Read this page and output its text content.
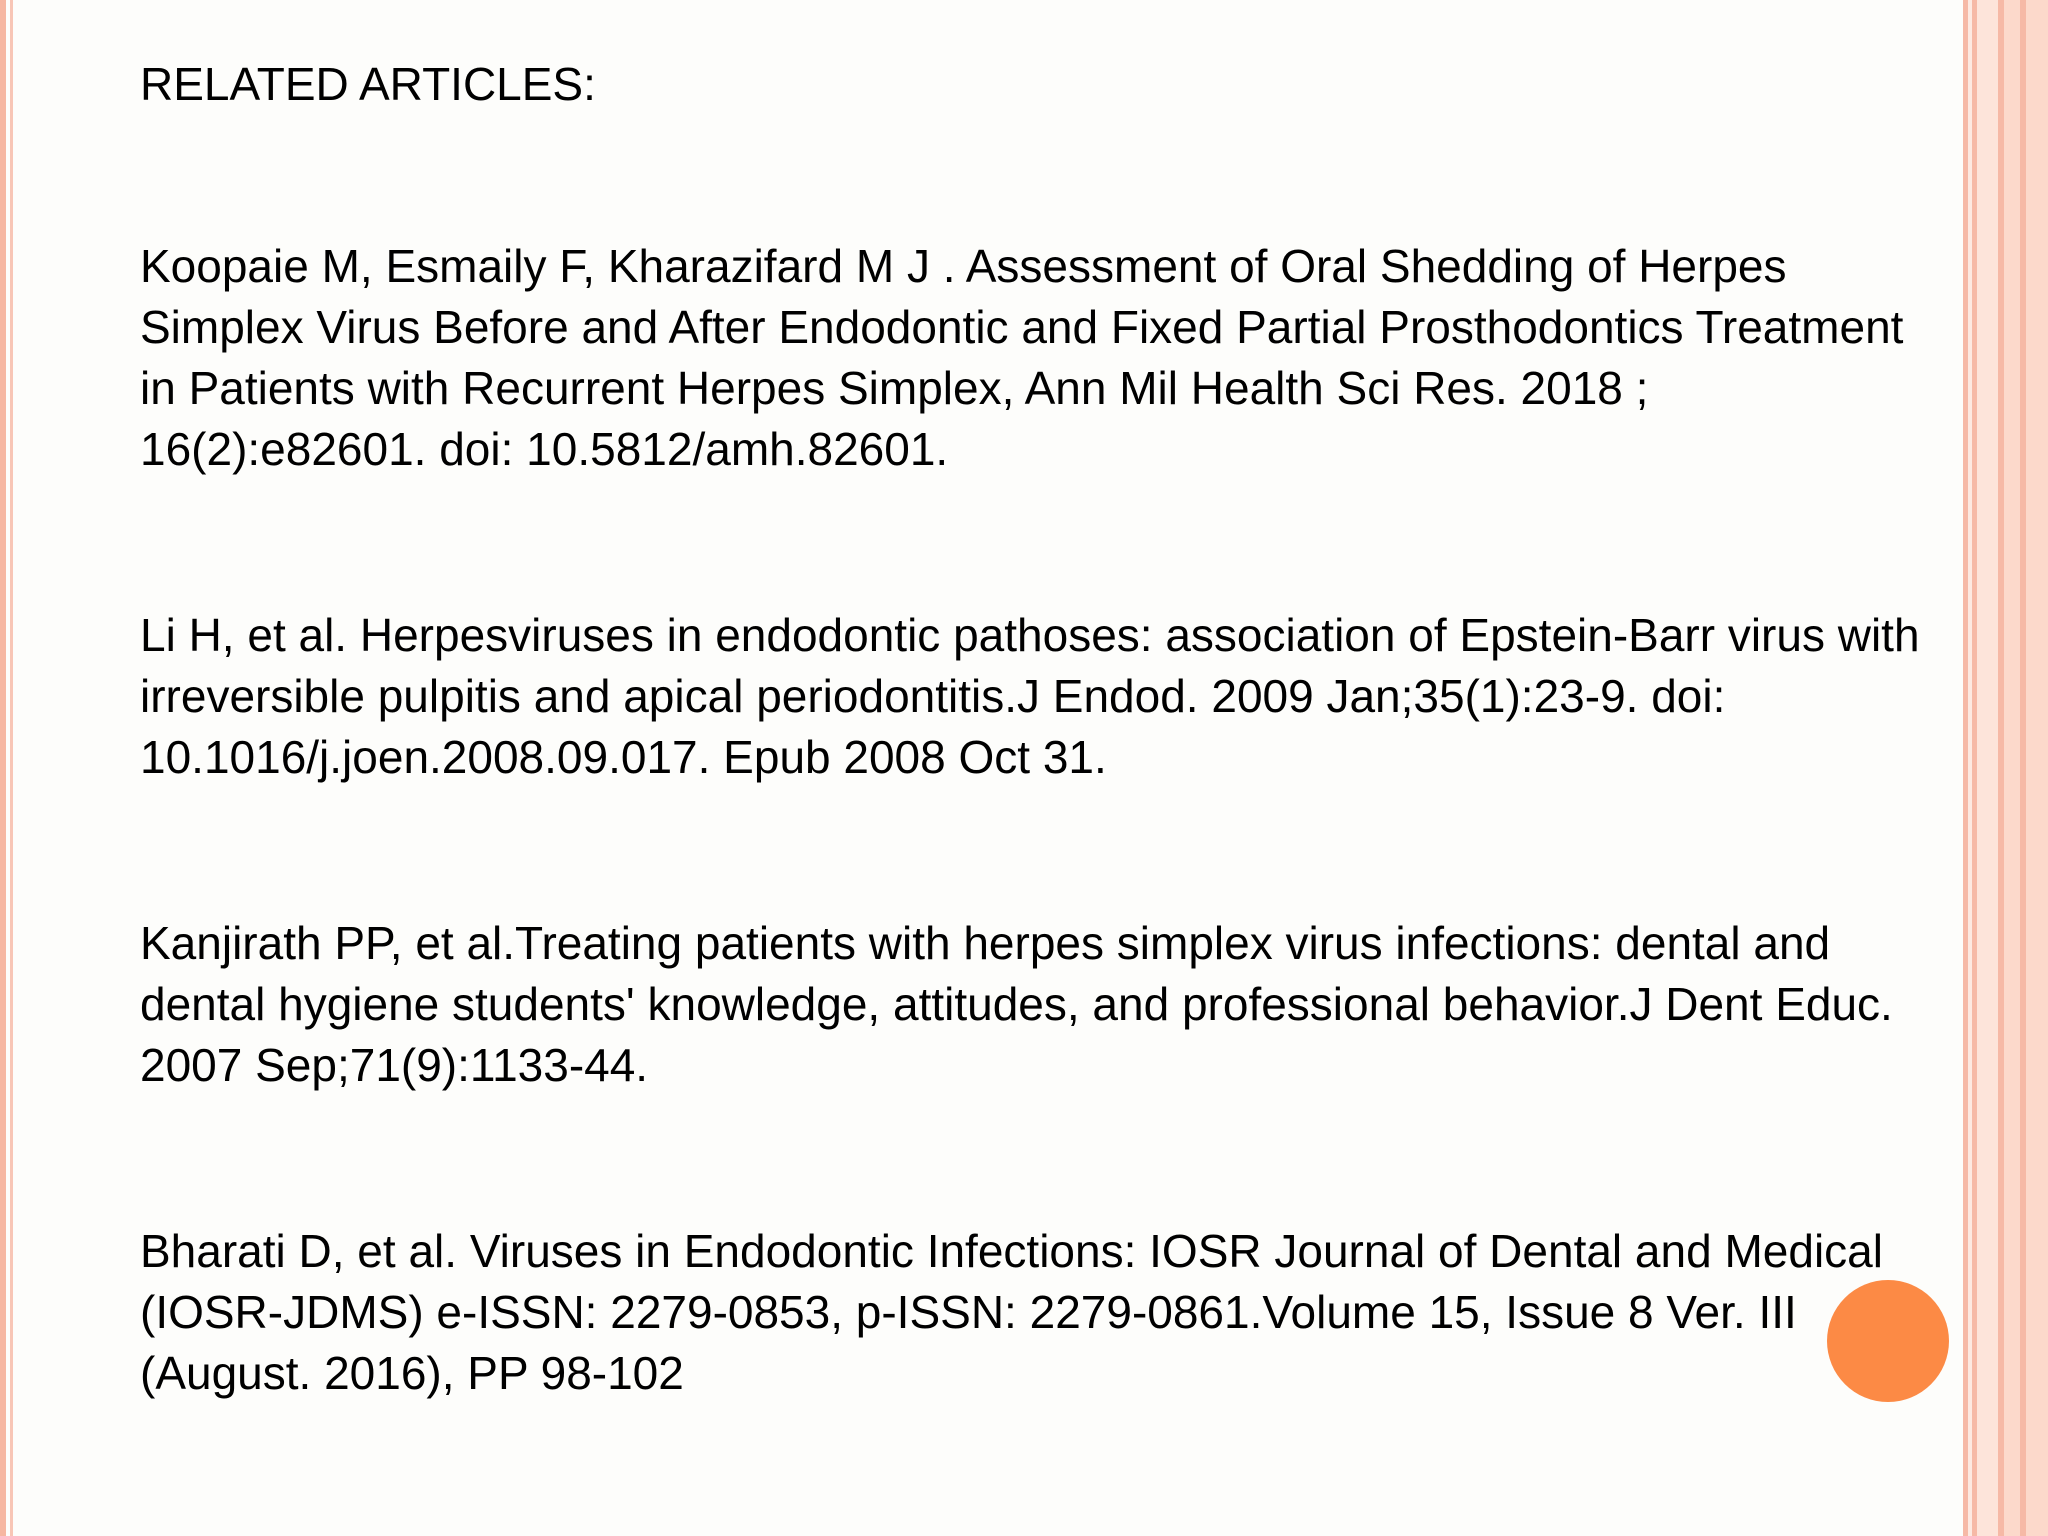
RELATED ARTICLES:
Koopaie M, Esmaily F, Kharazifard M J . Assessment of Oral Shedding of Herpes Simplex Virus Before and After Endodontic and Fixed Partial Prosthodontics Treatment in Patients with Recurrent Herpes Simplex, Ann Mil Health Sci Res. 2018 ; 16(2):e82601. doi: 10.5812/amh.82601.
Li H, et al. Herpesviruses in endodontic pathoses: association of Epstein-Barr virus with irreversible pulpitis and apical periodontitis.J Endod. 2009 Jan;35(1):23-9. doi: 10.1016/j.joen.2008.09.017. Epub 2008 Oct 31.
Kanjirath PP, et al.Treating patients with herpes simplex virus infections: dental and dental hygiene students' knowledge, attitudes, and professional behavior.J Dent Educ. 2007 Sep;71(9):1133-44.
Bharati D, et al. Viruses in Endodontic Infections: IOSR Journal of Dental and Medical (IOSR-JDMS) e-ISSN: 2279-0853, p-ISSN: 2279-0861.Volume 15, Issue 8 Ver. III (August. 2016), PP 98-102
